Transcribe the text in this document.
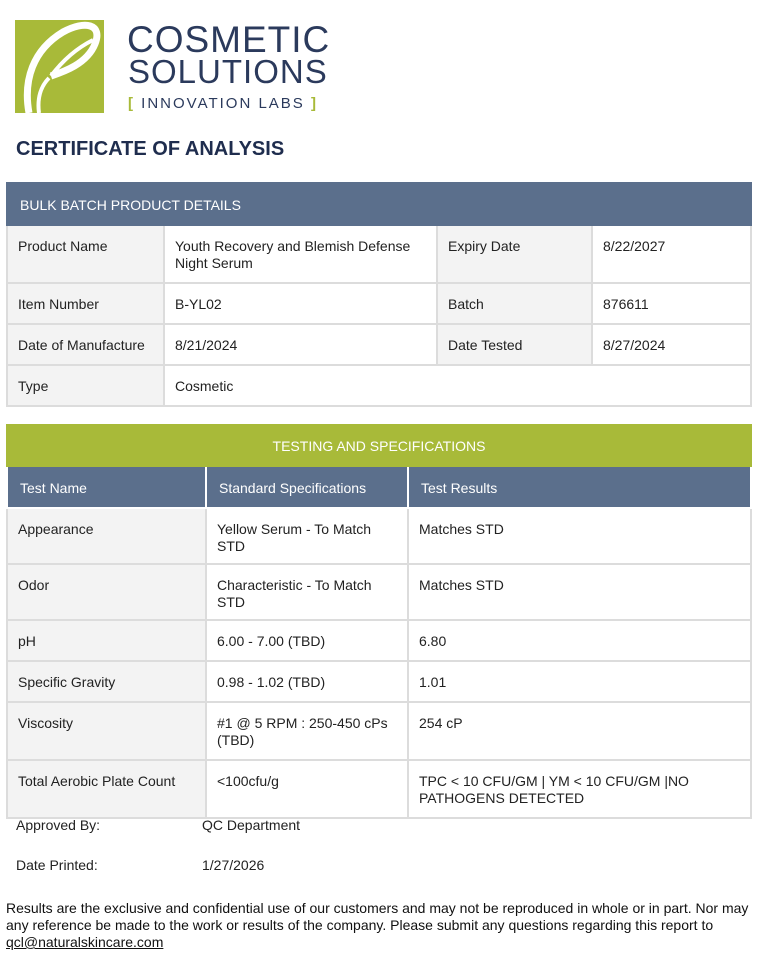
COSMETIC
SOLUTIONS
[ INNOVATION LABS ]
CERTIFICATE OF ANALYSIS
BULK BATCH PRODUCT DETAILS			
Product Name	Youth Recovery and Blemish Defense Night Serum	Expiry Date	8/22/2027
Item Number	B-YL02	Batch	876611
Date of Manufacture	8/21/2024	Date Tested	8/27/2024
Type	Cosmetic		
TESTING AND SPECIFICATIONS		
Test Name	Standard Specifications	Test Results
Appearance	Yellow Serum - To Match STD	Matches STD
Odor	Characteristic - To Match STD	Matches STD
pH	6.00 - 7.00 (TBD)	6.80
Specific Gravity	0.98 - 1.02 (TBD)	1.01
Viscosity	#1 @ 5 RPM : 250-450 cPs (TBD)	254 cP
Total Aerobic Plate Count	<100cfu/g	TPC < 10 CFU/GM | YM < 10 CFU/GM |NO PATHOGENS DETECTED
Approved By:	QC Department
Date Printed:	1/27/2026
Results are the exclusive and confidential use of our customers and may not be reproduced in whole or in part. Nor may any reference be made to the work or results of the company. Please submit any questions regarding this report to qcl@naturalskincare.com
